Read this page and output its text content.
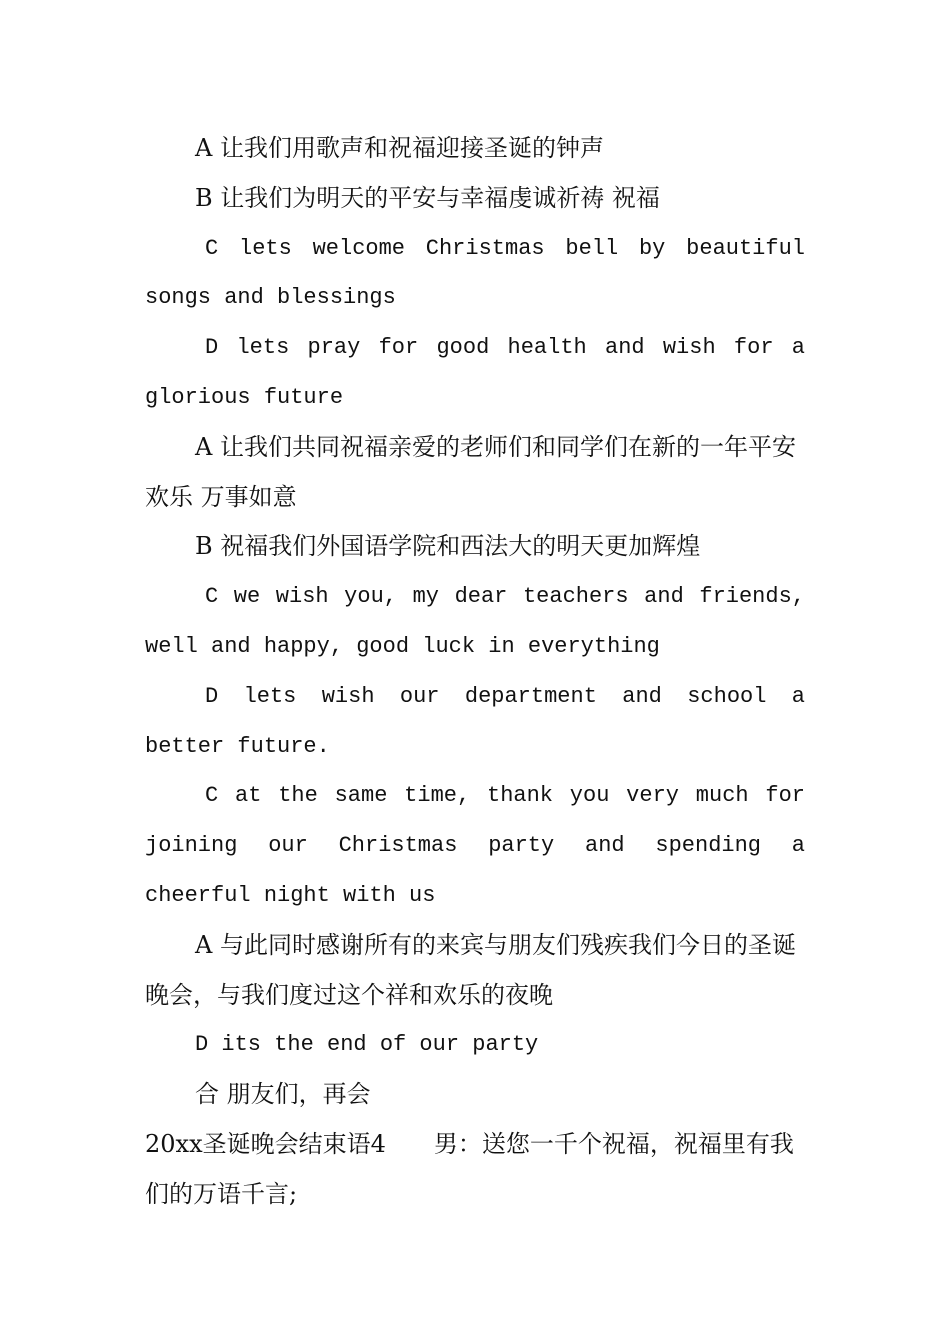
A 让我们用歌声和祝福迎接圣诞的钟声

B 让我们为明天的平安与幸福虔诚祈祷 祝福

C lets welcome Christmas bell by beautiful songs and blessings

D lets pray for good health and wish for a glorious future

A 让我们共同祝福亲爱的老师们和同学们在新的一年平安 欢乐 万事如意

B 祝福我们外国语学院和西法大的明天更加辉煌

C we wish you, my dear teachers and friends, well and happy, good luck in everything

D lets wish our department and school a better future.

C at the same time, thank you very much for joining our Christmas party and spending a cheerful night with us

A 与此同时感谢所有的来宾与朋友们残疾我们今日的圣诞晚会，与我们度过这个祥和欢乐的夜晚

D its the end of our party

合 朋友们，再会

20xx圣诞晚会结束语4　　男：送您一千个祝福，祝福里有我们的万语千言;
